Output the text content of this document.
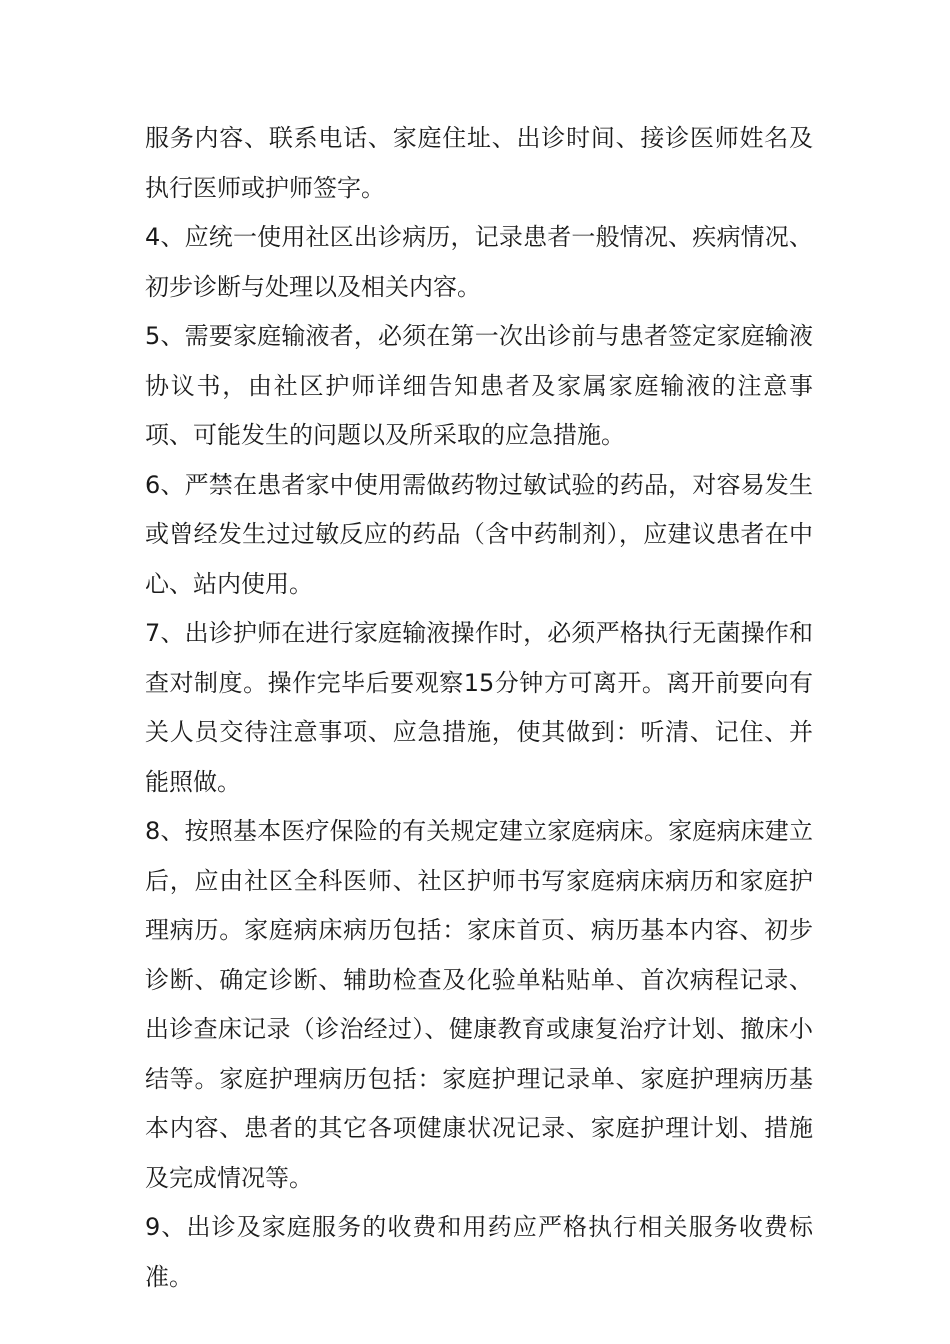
服务内容、联系电话、家庭住址、出诊时间、接诊医师姓名及执行医师或护师签字。

4、应统一使用社区出诊病历，记录患者一般情况、疾病情况、初步诊断与处理以及相关内容。

5、需要家庭输液者，必须在第一次出诊前与患者签定家庭输液协议书，由社区护师详细告知患者及家属家庭输液的注意事项、可能发生的问题以及所采取的应急措施。

6、严禁在患者家中使用需做药物过敏试验的药品，对容易发生或曾经发生过过敏反应的药品（含中药制剂），应建议患者在中心、站内使用。

7、出诊护师在进行家庭输液操作时，必须严格执行无菌操作和查对制度。操作完毕后要观察15分钟方可离开。离开前要向有关人员交待注意事项、应急措施，使其做到：听清、记住、并能照做。

8、按照基本医疗保险的有关规定建立家庭病床。家庭病床建立后，应由社区全科医师、社区护师书写家庭病床病历和家庭护理病历。家庭病床病历包括：家床首页、病历基本内容、初步诊断、确定诊断、辅助检查及化验单粘贴单、首次病程记录、出诊查床记录（诊治经过）、健康教育或康复治疗计划、撤床小结等。家庭护理病历包括：家庭护理记录单、家庭护理病历基本内容、患者的其它各项健康状况记录、家庭护理计划、措施及完成情况等。

9、出诊及家庭服务的收费和用药应严格执行相关服务收费标准。
